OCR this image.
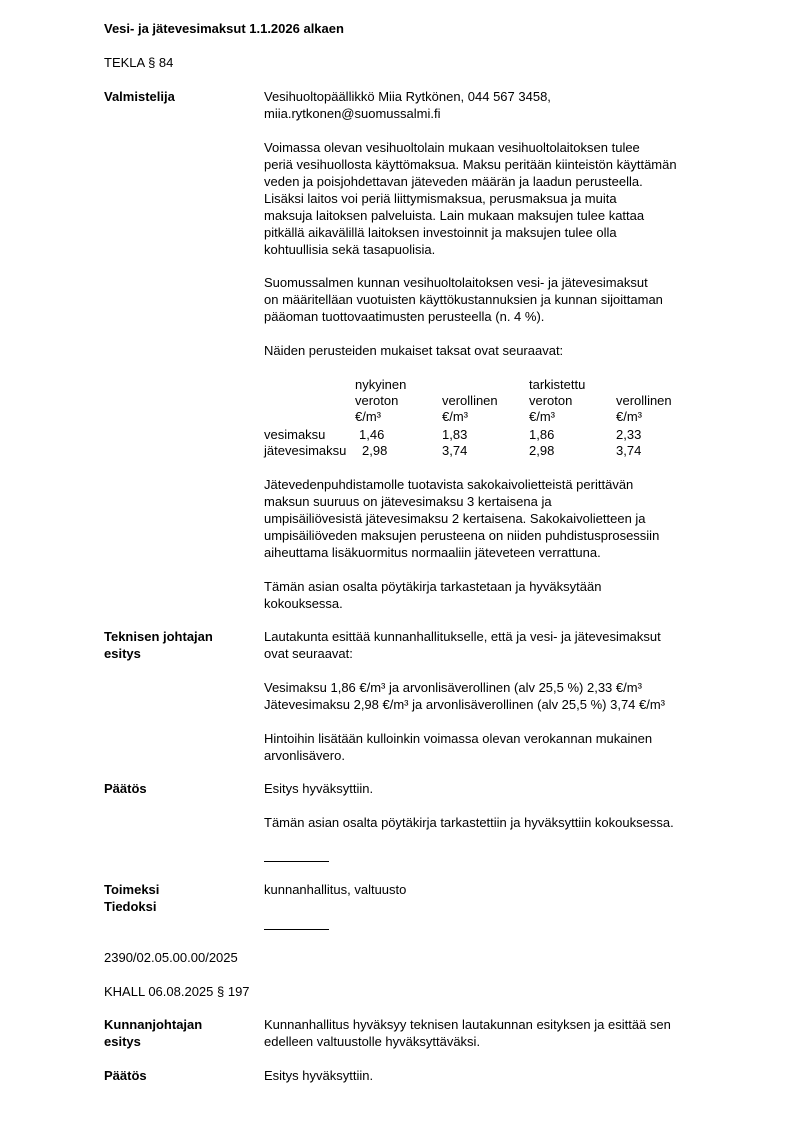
Vesi- ja jätevesimaksut 1.1.2026 alkaen
TEKLA § 84
Valmistelija	Vesihuoltopäällikkö Miia Rytkönen, 044 567 3458,
miia.rytkonen@suomussalmi.fi
Voimassa olevan vesihuoltolain mukaan vesihuoltolaitoksen tulee
periä vesihuollosta käyttömaksua. Maksu peritään kiinteistön käyttämän
veden ja poisjohdettavan jäteveden määrän ja laadun perusteella.
Lisäksi laitos voi periä liittymismaksua, perusmaksua ja muita
maksuja laitoksen palveluista. Lain mukaan maksujen tulee kattaa
pitkällä aikavälillä laitoksen investoinnit ja maksujen tulee olla
kohtuullisia sekä tasapuolisia.
Suomussalmen kunnan vesihuoltolaitoksen vesi- ja jätevesimaksut
on määritelläan vuotuisten käyttökustannuksien ja kunnan sijoittaman
pääoman tuottovaatimusten perusteella (n. 4 %).
Näiden perusteiden mukaiset taksat ovat seuraavat:
nykyinen	tarkistettu
veroton	verollinen veroton	verollinen
€/m³	€/m³	€/m³	€/m³
vesimaksu	1,46	1,83	1,86	2,33
jätevesimaksu 2,98	3,74	2,98	3,74
Jätevedenpuhdistamolle tuotavista sakokaivolietteistä perittävän
maksun suuruus on jätevesimaksu 3 kertaisena ja
umpisäiliövesistä jätevesimaksu 2 kertaisena. Sakokaivolietteen ja
umpisäiliöveden maksujen perusteena on niiden puhdistusprosessiin
aiheuttama lisäkuormitus normaaliin jäteveteen verrattuna.
Tämän asian osalta pöytäkirja tarkastetaan ja hyväksytään
kokouksessa.
Teknisen johtajan
esitys
Lautakunta esittää kunnanhallitukselle, että ja vesi- ja jätevesimaksut
ovat seuraavat:
Vesimaksu 1,86 €/m³ ja arvonlisäverollinen (alv 25,5 %) 2,33 €/m³
Jätevesimaksu 2,98 €/m³ ja arvonlisäverollinen (alv 25,5 %) 3,74 €/m³
Hintoihin lisätään kulloinkin voimassa olevan verokannan mukainen
arvonlisävero.
Päätös	Esitys hyväksyttiin.
Tämän asian osalta pöytäkirja tarkastettiin ja hyväksyttiin kokouksessa.
Toimeksi
Tiedoksi
kunnanhallitus, valtuusto
2390/02.05.00.00/2025
KHALL 06.08.2025 § 197
Kunnanjohtajan
esitys
Kunnanhallitus hyväksyy teknisen lautakunnan esityksen ja esittää sen
edelleen valtuustolle hyväksyttäväksi.
Päätös	Esitys hyväksyttiin.
